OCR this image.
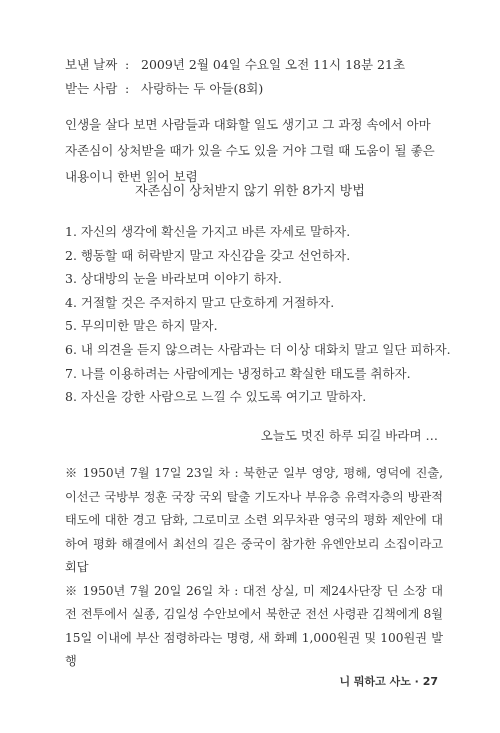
보낸 날짜 : 2009년 2월 04일 수요일 오전 11시 18분 21초
받는 사람 : 사랑하는 두 아들(8회)
인생을 살다 보면 사람들과 대화할 일도 생기고 그 과정 속에서 아마 자존심이 상처받을 때가 있을 수도 있을 거야 그럴 때 도움이 될 좋은 내용이니 한번 읽어 보렴
자존심이 상처받지 않기 위한 8가지 방법
1. 자신의 생각에 확신을 가지고 바른 자세로 말하자.
2. 행동할 때 허락받지 말고 자신감을 갖고 선언하자.
3. 상대방의 눈을 바라보며 이야기 하자.
4. 거절할 것은 주저하지 말고 단호하게 거절하자.
5. 무의미한 말은 하지 말자.
6. 내 의견을 듣지 않으려는 사람과는 더 이상 대화치 말고 일단 피하자.
7. 나를 이용하려는 사람에게는 냉정하고 확실한 태도를 취하자.
8. 자신을 강한 사람으로 느낄 수 있도록 여기고 말하자.
오늘도 멋진 하루 되길 바라며 …

※ 1950년 7월 17일 23일 차 : 북한군 일부 영양, 평해, 영덕에 진출, 이선근 국방부 정훈 국장 국외 탈출 기도자나 부유층 유력자층의 방관적 태도에 대한 경고 담화, 그로미코 소련 외무차관 영국의 평화 제안에 대하여 평화 해결에서 최선의 길은 중국이 참가한 유엔안보리 소집이라고 회답

※ 1950년 7월 20일 26일 차 : 대전 상실, 미 제24사단장 딘 소장 대전 전투에서 실종, 김일성 수안보에서 북한군 전선 사령관 김책에게 8월 15일 이내에 부산 점령하라는 명령, 새 화폐 1,000원권 및 100원권 발행

니 뭐하고 사노 · 27
